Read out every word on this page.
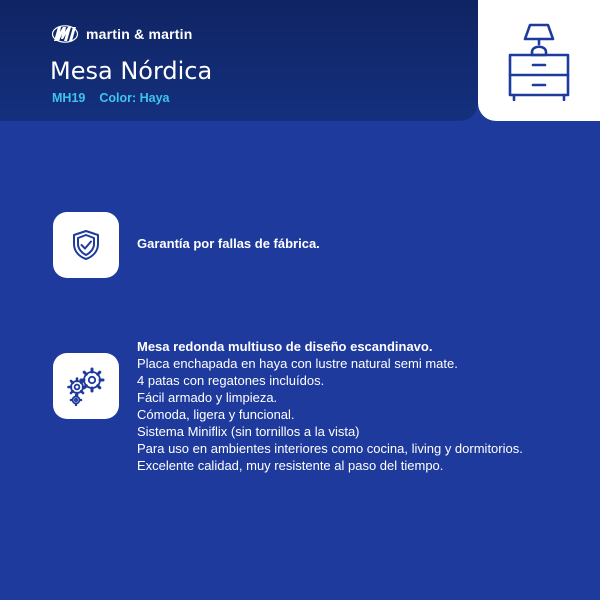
martin & martin
Mesa Nórdica
MH19 Color: Haya
Garantía por fallas de fábrica.
Mesa redonda multiuso de diseño escandinavo.
Placa enchapada en haya con lustre natural semi mate.
4 patas con regatones incluídos.
Fácil armado y limpieza.
Cómoda, ligera y funcional.
Sistema Miniflix (sin tornillos a la vista)
Para uso en ambientes interiores como cocina, living y dormitorios.
Excelente calidad, muy resistente al paso del tiempo.
